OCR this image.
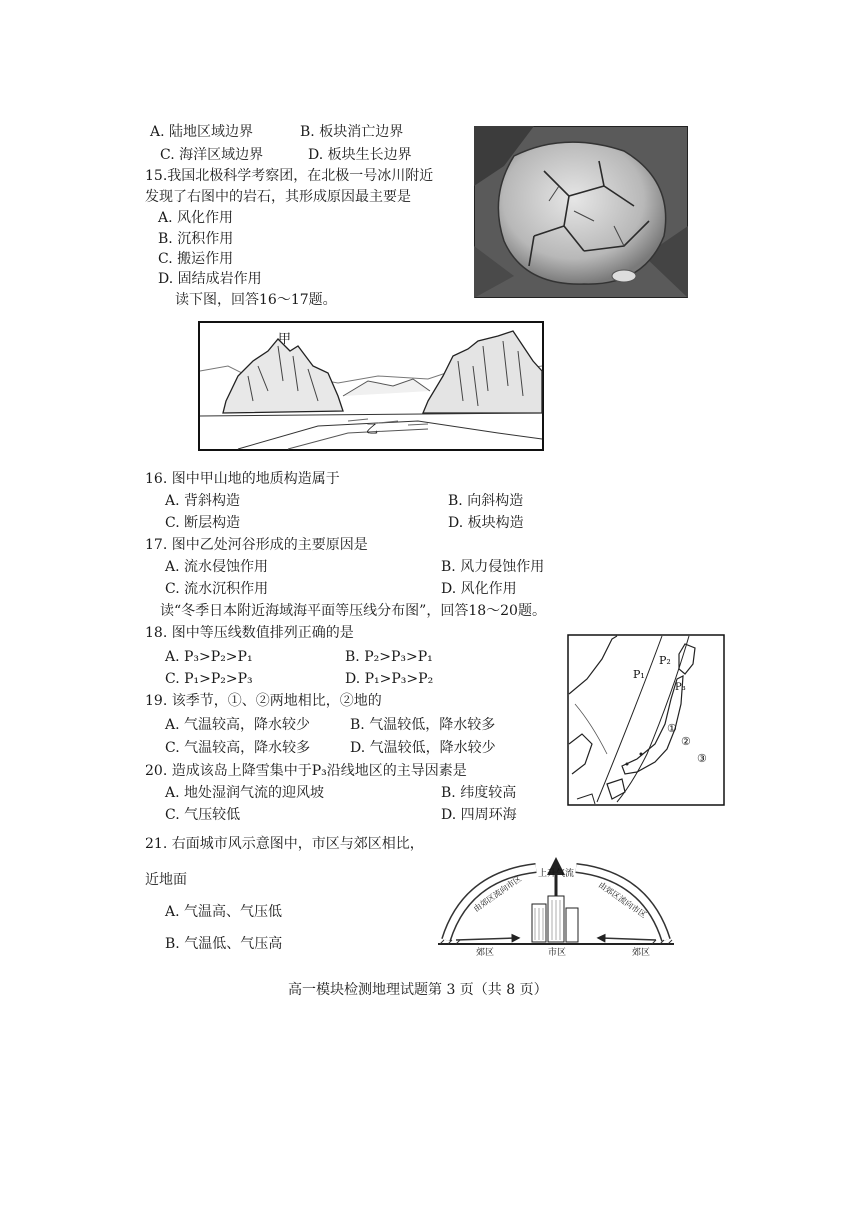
A. 陆地区域边界	B. 板块消亡边界
C. 海洋区域边界	D. 板块生长边界
15.我国北极科学考察团，在北极一号冰川附近
发现了右图中的岩石，其形成原因最主要是
A. 风化作用
B. 沉积作用
C. 搬运作用
D. 固结成岩作用
读下图，回答16～17题。
甲
乙
16. 图中甲山地的地质构造属于
A. 背斜构造	B. 向斜构造
C. 断层构造	D. 板块构造
17. 图中乙处河谷形成的主要原因是
A. 流水侵蚀作用	B. 风力侵蚀作用
C. 流水沉积作用	D. 风化作用
读“冬季日本附近海域海平面等压线分布图”，回答18～20题。
18. 图中等压线数值排列正确的是
A. P₃>P₂>P₁	B. P₂>P₃>P₁
C. P₁>P₂>P₃	D. P₁>P₃>P₂
19. 该季节，①、②两地相比，②地的
A. 气温较高，降水较少	B. 气温较低，降水较多
C. 气温较高，降水较多	D. 气温较低，降水较少
20. 造成该岛上降雪集中于P₃沿线地区的主导因素是
A. 地处湿润气流的迎风坡	B. 纬度较高
C. 气压较低	D. 四周环海
P₁
P₂
P₃
①
②
③
21. 右面城市风示意图中，市区与郊区相比，
近地面
A. 气温高、气压低
B. 气温低、气压高
上升气流
由郊区流向市区	由郊区流向市区
郊区	市区	郊区
高一模块检测地理试题第 3 页（共 8 页）
